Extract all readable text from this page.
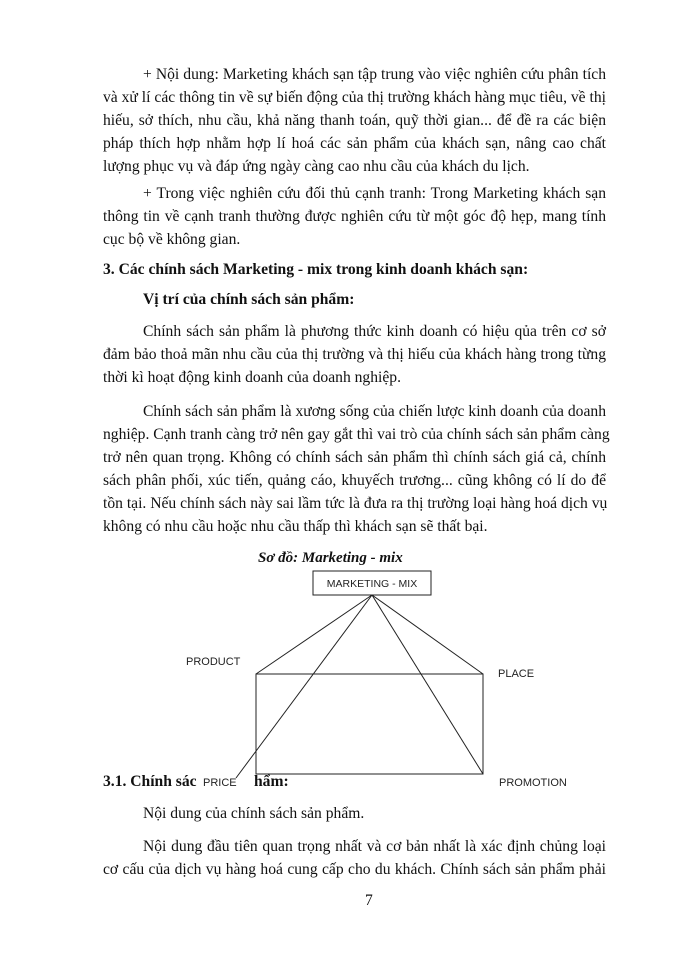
+ Nội dung: Marketing khách sạn tập trung vào việc nghiên cứu phân tích
và xử lí các thông tin về sự biến động của thị trường khách hàng mục tiêu, về thị
hiếu, sở thích, nhu cầu, khả năng thanh toán, quỹ thời gian... để đề ra các biện
pháp thích hợp nhằm hợp lí hoá các sản phẩm của khách sạn, nâng cao chất
lượng phục vụ và đáp ứng ngày càng cao nhu cầu của khách du lịch.
+ Trong việc nghiên cứu đối thủ cạnh tranh: Trong Marketing khách sạn
thông tin về cạnh tranh thường được nghiên cứu từ một góc độ hẹp, mang tính
cục bộ về không gian.
3. Các chính sách Marketing - mix trong kinh doanh khách sạn:
Vị trí của chính sách sản phẩm:
Chính sách sản phẩm là phương thức kinh doanh có hiệu qủa trên cơ sở
đảm bảo thoả mãn nhu cầu của thị trường và thị hiếu của khách hàng trong từng
thời kì hoạt động kinh doanh của doanh nghiệp.
Chính sách sản phẩm là xương sống của chiến lược kinh doanh của doanh
nghiệp. Cạnh tranh càng trở nên gay gắt thì vai trò của chính sách sản phẩm càng
trở nên quan trọng. Không có chính sách sản phẩm thì chính sách giá cả, chính
sách phân phối, xúc tiến, quảng cáo, khuyếch trương... cũng không có lí do để
tồn tại. Nếu chính sách này sai lầm tức là đưa ra thị trường loại hàng hoá dịch vụ
không có nhu cầu hoặc nhu cầu thấp thì khách sạn sẽ thất bại.
Sơ đồ: Marketing - mix
3.1. Chính sác	hẩm:
MARKETING - MIX
PRODUCT
PLACE
PRICE	PROMOTION
Nội dung của chính sách sản phẩm.
Nội dung đầu tiên quan trọng nhất và cơ bản nhất là xác định chủng loại
cơ cấu của dịch vụ hàng hoá cung cấp cho du khách. Chính sách sản phẩm phải
7
